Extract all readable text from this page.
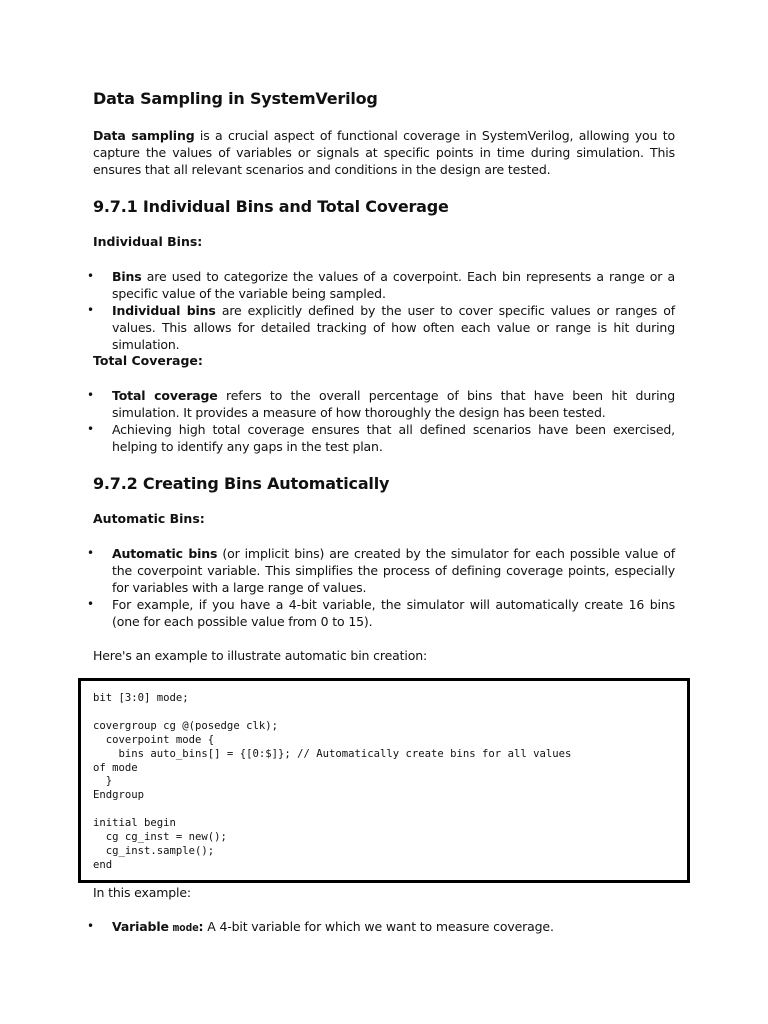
Data Sampling in SystemVerilog

Data sampling is a crucial aspect of functional coverage in SystemVerilog, allowing you to capture the values of variables or signals at specific points in time during simulation. This ensures that all relevant scenarios and conditions in the design are tested.

9.7.1 Individual Bins and Total Coverage
Individual Bins:
• Bins are used to categorize the values of a coverpoint. Each bin represents a range or a specific value of the variable being sampled.
• Individual bins are explicitly defined by the user to cover specific values or ranges of values. This allows for detailed tracking of how often each value or range is hit during simulation.
Total Coverage:
• Total coverage refers to the overall percentage of bins that have been hit during simulation. It provides a measure of how thoroughly the design has been tested.
• Achieving high total coverage ensures that all defined scenarios have been exercised, helping to identify any gaps in the test plan.
9.7.2 Creating Bins Automatically
Automatic Bins:
• Automatic bins (or implicit bins) are created by the simulator for each possible value of the coverpoint variable. This simplifies the process of defining coverage points, especially for variables with a large range of values.
• For example, if you have a 4-bit variable, the simulator will automatically create 16 bins (one for each possible value from 0 to 15).

Here's an example to illustrate automatic bin creation:

In this example:

• Variable mode: A 4-bit variable for which we want to measure coverage.
bit [3:0] mode;

covergroup cg @(posedge clk);
coverpoint mode {
bins auto_bins[] = {[0:$]}; // Automatically create bins for all values
of mode
}
Endgroup

initial begin
cg cg_inst = new();
cg_inst.sample();
end
